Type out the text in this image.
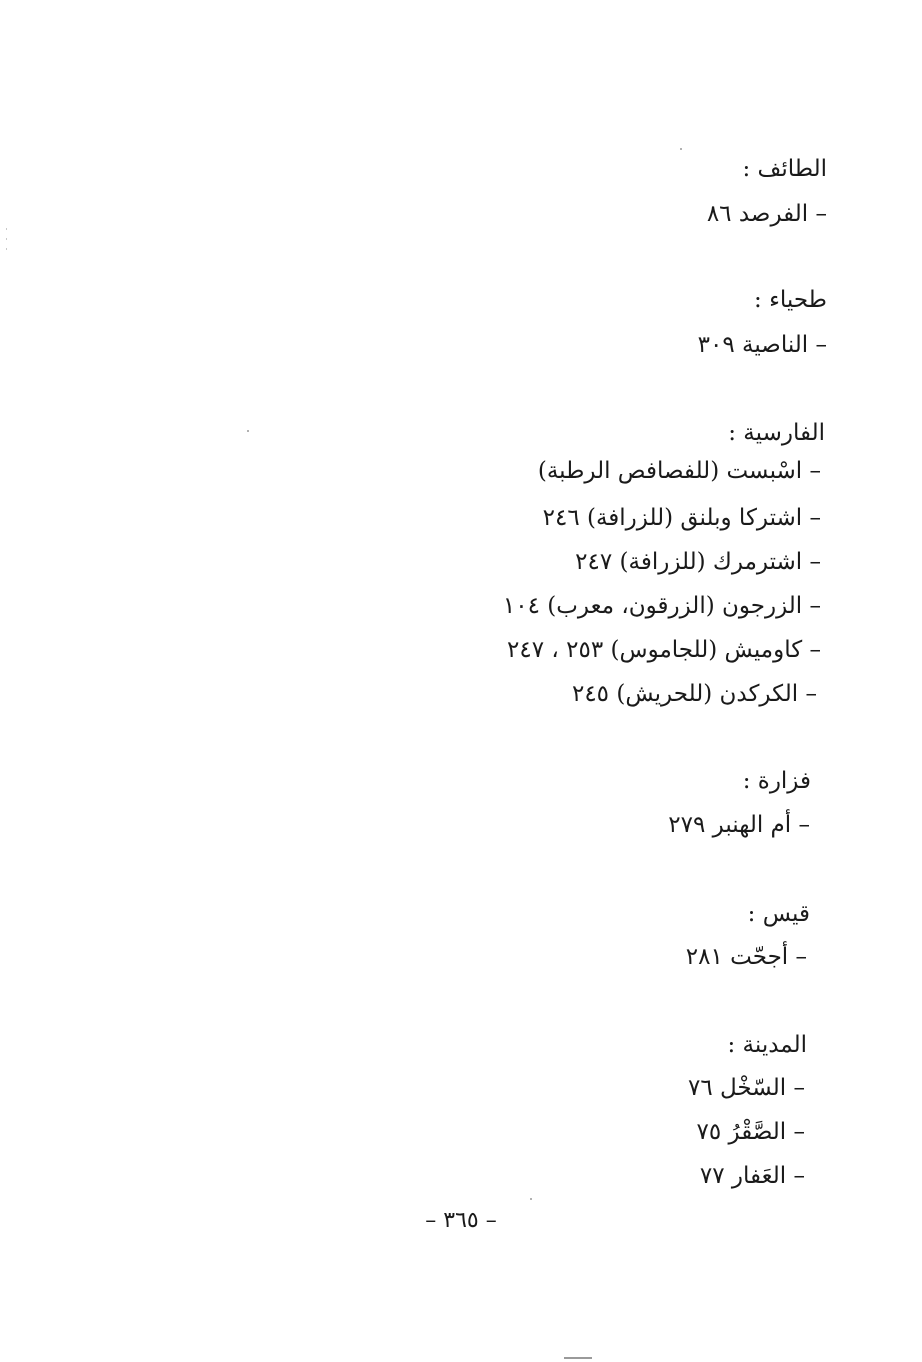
الطائف :
– الفرصد ٨٦
طحياء :
– الناصية ٣٠٩
الفارسية :
– اسْبست (للفصافص الرطبة)
– اشتركا وبلنق (للزرافة) ٢٤٦
– اشترمرك (للزرافة) ٢٤٧
– الزرجون (الزرقون، معرب) ١٠٤
– كاوميش (للجاموس) ٢٥٣ ، ٢٤٧
– الكركدن (للحريش) ٢٤٥
فزارة :
– أم الهنبر ٢٧٩
قيس :
– أجحّت ٢٨١
المدينة :
– السّخْل ٧٦
– الصَّقْرُ ٧٥
– العَفار ٧٧
– ٣٦٥ –
